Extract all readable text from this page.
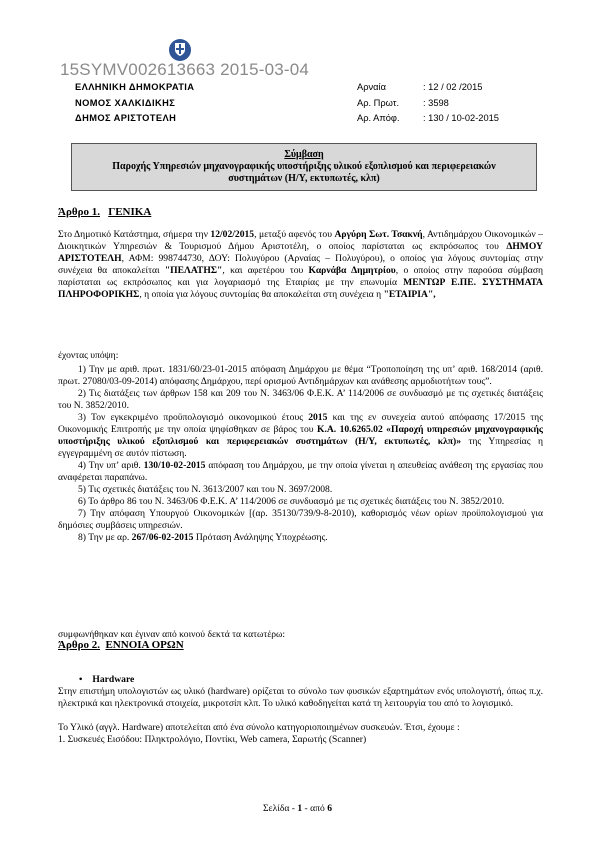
15SYMV002613663 2015-03-04
ΕΛΛΗΝΙΚΗ ΔΗΜΟΚΡΑΤΙΑ
ΝΟΜΟΣ ΧΑΛΚΙΔΙΚΗΣ
ΔΗΜΟΣ ΑΡΙΣΤΟΤΕΛΗ
Αρναία	: 12 / 02 /2015
Αρ. Πρωτ.	: 3598
Αρ. Απόφ.	: 130 / 10-02-2015
Σύμβαση
Παροχής Υπηρεσιών μηχανογραφικής υποστήριξης υλικού εξοπλισμού και περιφερειακών συστημάτων (Η/Υ, εκτυπωτές, κλπ)
Άρθρο 1. ΓΕΝΙΚΑ
Στο Δημοτικό Κατάστημα, σήμερα την 12/02/2015, μεταξύ αφενός του Αργύρη Σωτ. Τσακνή, Αντιδημάρχου Οικονομικών – Διοικητικών Υπηρεσιών & Τουρισμού Δήμου Αριστοτέλη, ο οποίος παρίσταται ως εκπρόσωπος του ΔΗΜΟΥ ΑΡΙΣΤΟΤΕΛΗ, ΑΦΜ: 998744730, ΔΟΥ: Πολυγύρου (Αρναίας – Πολυγύρου), ο οποίος για λόγους συντομίας στην συνέχεια θα αποκαλείται "ΠΕΛΑΤΗΣ", και αφετέρου του Καρνάβα Δημητρίου, ο οποίος στην παρούσα σύμβαση παρίσταται ως εκπρόσωπος και για λογαριασμό της Εταιρίας με την επωνυμία ΜΕΝΤΩΡ Ε.ΠΕ. ΣΥΣΤΗΜΑΤΑ ΠΛΗΡΟΦΟΡΙΚΗΣ, η οποία για λόγους συντομίας θα αποκαλείται στη συνέχεια η "ΕΤΑΙΡΙΑ",
έχοντας υπόψη:

1) Την με αριθ. πρωτ. 1831/60/23-01-2015 απόφαση Δημάρχου με θέμα “Τροποποίηση της υπ’ αριθ. 168/2014 (αριθ. πρωτ. 27080/03-09-2014) απόφασης Δημάρχου, περί ορισμού Αντιδημάρχων και ανάθεσης αρμοδιοτήτων τους”.

2) Τις διατάξεις των άρθρων 158 και 209 του Ν. 3463/06 Φ.Ε.Κ. Α’ 114/2006 σε συνδυασμό με τις σχετικές διατάξεις του Ν. 3852/2010.

3) Τον εγκεκριμένο προϋπολογισμό οικονομικού έτους 2015 και της εν συνεχεία αυτού απόφασης 17/2015 της Οικονομικής Επιτροπής με την οποία ψηφίσθηκαν σε βάρος του Κ.Α. 10.6265.02 «Παροχή υπηρεσιών μηχανογραφικής υποστήριξης υλικού εξοπλισμού και περιφερειακών συστημάτων (Η/Υ, εκτυπωτές, κλπ)» της Υπηρεσίας η εγγεγραμμένη σε αυτόν πίστωση.

4) Την υπ’ αριθ. 130/10-02-2015 απόφαση του Δημάρχου, με την οποία γίνεται η απευθείας ανάθεση της εργασίας που αναφέρεται παραπάνω.

5) Τις σχετικές διατάξεις του Ν. 3613/2007 και του Ν. 3697/2008.

6) Το άρθρο 86 του Ν. 3463/06 Φ.Ε.Κ. Α’ 114/2006 σε συνδυασμό με τις σχετικές διατάξεις του Ν. 3852/2010.

7) Την απόφαση Υπουργού Οικονομικών [(αρ. 35130/739/9-8-2010), καθορισμός νέων ορίων προϋπολογισμού για δημόσιες συμβάσεις υπηρεσιών.

8) Την με αρ. 267/06-02-2015 Πρόταση Ανάληψης Υποχρέωσης.

συμφωνήθηκαν και έγιναν από κοινού δεκτά τα κατωτέρω:
Άρθρο 2. ΕΝΝΟΙΑ ΟΡΩΝ
• Hardware
Στην επιστήμη υπολογιστών ως υλικό (hardware) ορίζεται το σύνολο των φυσικών εξαρτημάτων ενός υπολογιστή, όπως π.χ. ηλεκτρικά και ηλεκτρονικά στοιχεία, μικροτσίπ κλπ. Το υλικό καθοδηγείται κατά τη λειτουργία του από το λογισμικό.
Το Υλικό (αγγλ. Hardware) αποτελείται από ένα σύνολο κατηγοριοποιημένων συσκευών. Έτσι, έχουμε :
1. Συσκευές Εισόδου: Πληκτρολόγιο, Ποντίκι, Web camera, Σαρωτής (Scanner)
Σελίδα - 1 - από 6
